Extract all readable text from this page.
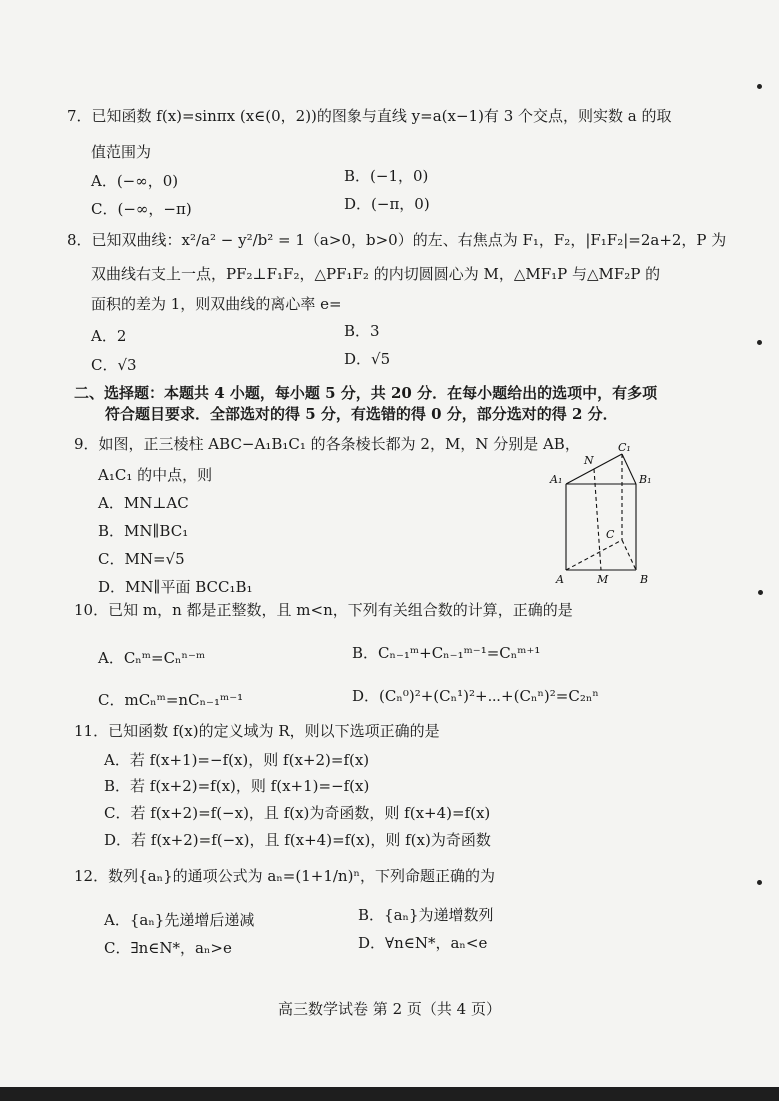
7．已知函数 f(x)=sinπx (x∈(0，2))的图象与直线 y=a(x−1)有 3 个交点，则实数 a 的取
值范围为
A．(−∞，0)	B．(−1，0)
C．(−∞，−π)	D．(−π，0)
8．已知双曲线：x²/a² − y²/b² = 1（a>0，b>0）的左、右焦点为 F₁，F₂，|F₁F₂|=2a+2，P 为
双曲线右支上一点，PF₂⊥F₁F₂，△PF₁F₂ 的内切圆圆心为 M，△MF₁P 与△MF₂P 的
面积的差为 1，则双曲线的离心率 e=
A．2	B．3
C．√3	D．√5
二、选择题：本题共 4 小题，每小题 5 分，共 20 分．在每小题给出的选项中，有多项
符合题目要求．全部选对的得 5 分，有选错的得 0 分，部分选对的得 2 分．
9．如图，正三棱柱 ABC−A₁B₁C₁ 的各条棱长都为 2，M，N 分别是 AB，
A₁C₁ 的中点，则
A．MN⊥AC
B．MN∥BC₁
C．MN=√5
D．MN∥平面 BCC₁B₁
A₁
N
C₁
B₁
C
A	M	B
10．已知 m，n 都是正整数，且 m<n，下列有关组合数的计算，正确的是
A．Cₙᵐ=Cₙⁿ⁻ᵐ	B．Cₙ₋₁ᵐ+Cₙ₋₁ᵐ⁻¹=Cₙᵐ⁺¹
C．mCₙᵐ=nCₙ₋₁ᵐ⁻¹	D．(Cₙ⁰)²+(Cₙ¹)²+⋯+(Cₙⁿ)²=C₂ₙⁿ
11．已知函数 f(x)的定义域为 R，则以下选项正确的是
A．若 f(x+1)=−f(x)，则 f(x+2)=f(x)
B．若 f(x+2)=f(x)，则 f(x+1)=−f(x)
C．若 f(x+2)=f(−x)，且 f(x)为奇函数，则 f(x+4)=f(x)
D．若 f(x+2)=f(−x)，且 f(x+4)=f(x)，则 f(x)为奇函数
12．数列{aₙ}的通项公式为 aₙ=(1+1/n)ⁿ，下列命题正确的为
A．{aₙ}先递增后递减	B．{aₙ}为递增数列
C．∃n∈N*，aₙ>e	D．∀n∈N*，aₙ<e
高三数学试卷 第 2 页（共 4 页）
